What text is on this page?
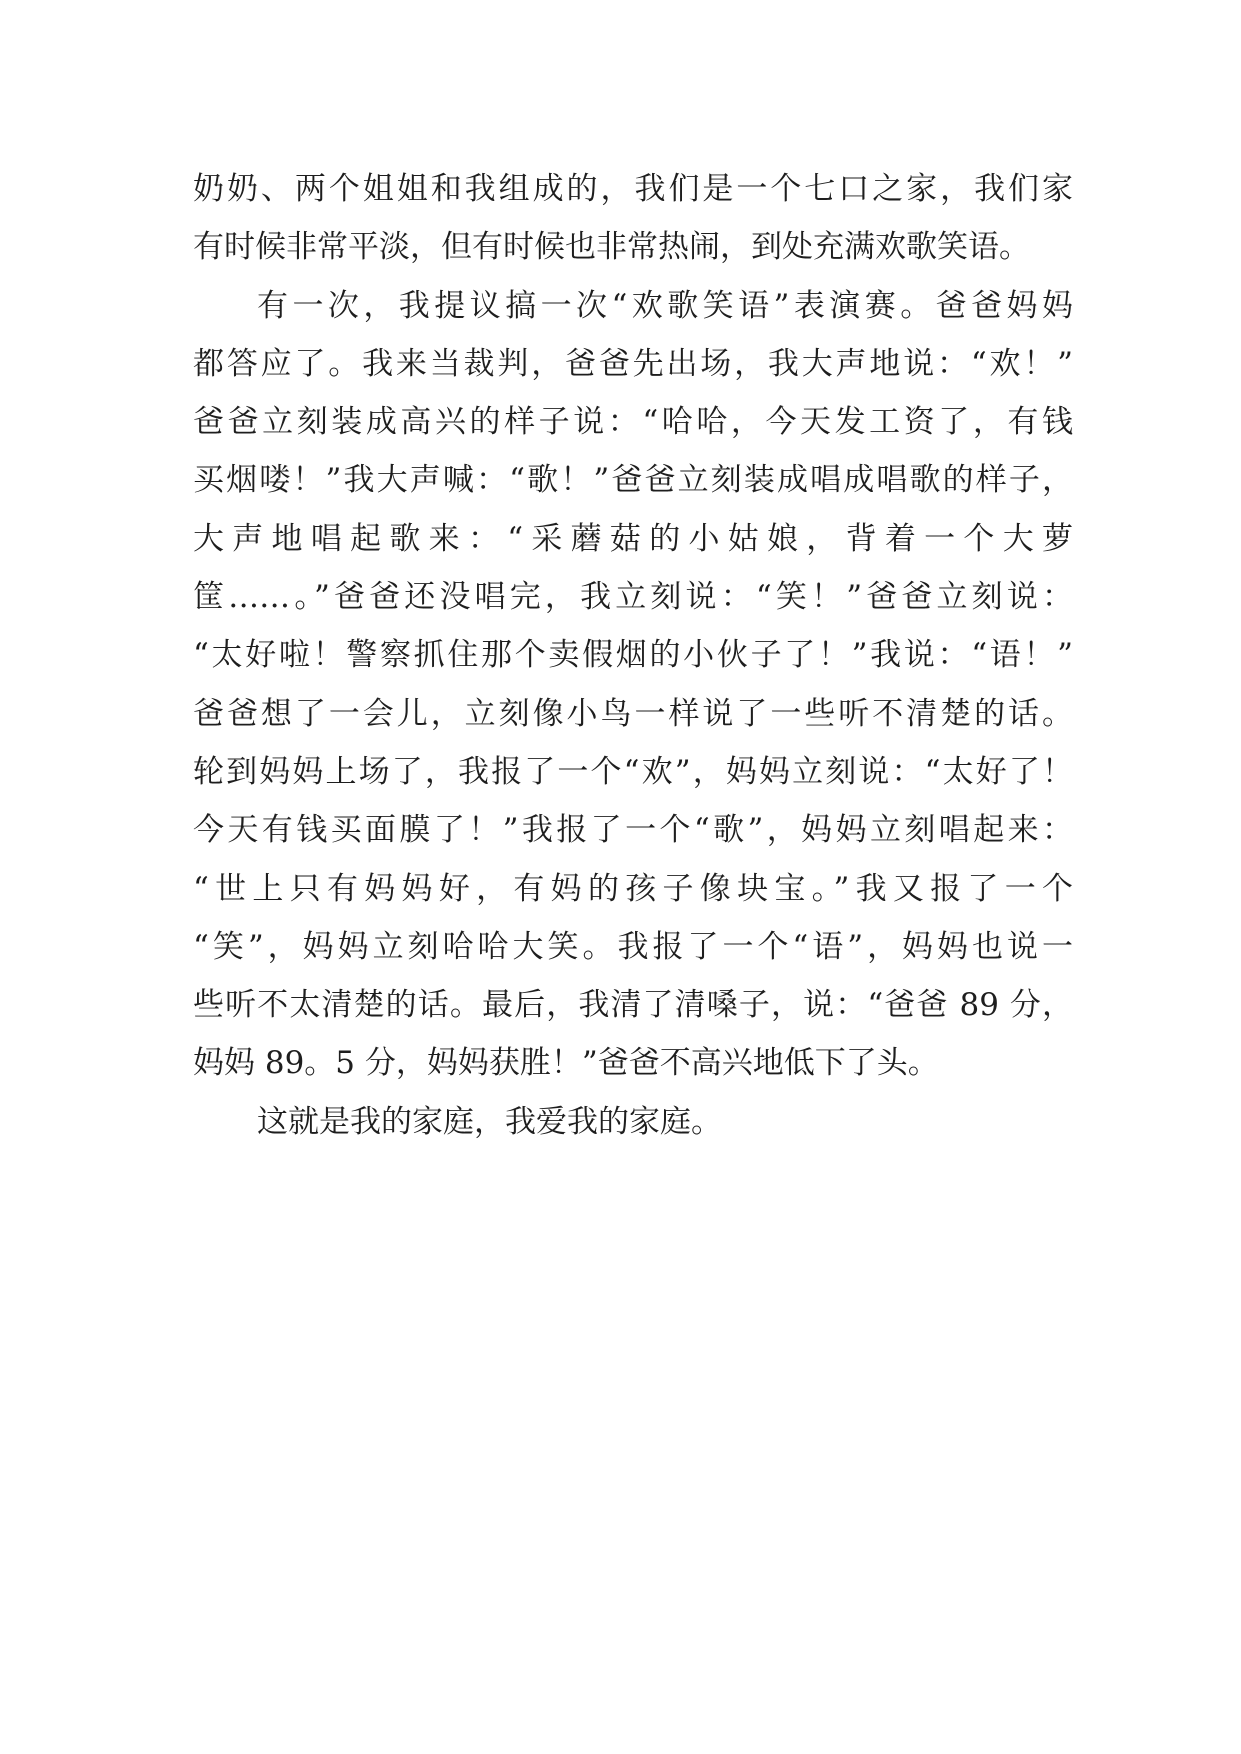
奶奶、两个姐姐和我组成的，我们是一个七口之家，我们家
有时候非常平淡，但有时候也非常热闹，到处充满欢歌笑语。
有一次，我提议搞一次“欢歌笑语”表演赛。爸爸妈妈
都答应了。我来当裁判，爸爸先出场，我大声地说：“欢！”
爸爸立刻装成高兴的样子说：“哈哈，今天发工资了，有钱
买烟喽！”我大声喊：“歌！”爸爸立刻装成唱成唱歌的样子，
大声地唱起歌来：“采蘑菇的小姑娘，背着一个大萝
筐……。”爸爸还没唱完，我立刻说：“笑！”爸爸立刻说：
“太好啦！警察抓住那个卖假烟的小伙子了！”我说：“语！”
爸爸想了一会儿，立刻像小鸟一样说了一些听不清楚的话。
轮到妈妈上场了，我报了一个“欢”，妈妈立刻说：“太好了！
今天有钱买面膜了！”我报了一个“歌”，妈妈立刻唱起来：
“世上只有妈妈好，有妈的孩子像块宝。”我又报了一个
“笑”，妈妈立刻哈哈大笑。我报了一个“语”，妈妈也说一
些听不太清楚的话。最后，我清了清嗓子，说：“爸爸 89 分，
妈妈 89。5 分，妈妈获胜！”爸爸不高兴地低下了头。
这就是我的家庭，我爱我的家庭。
